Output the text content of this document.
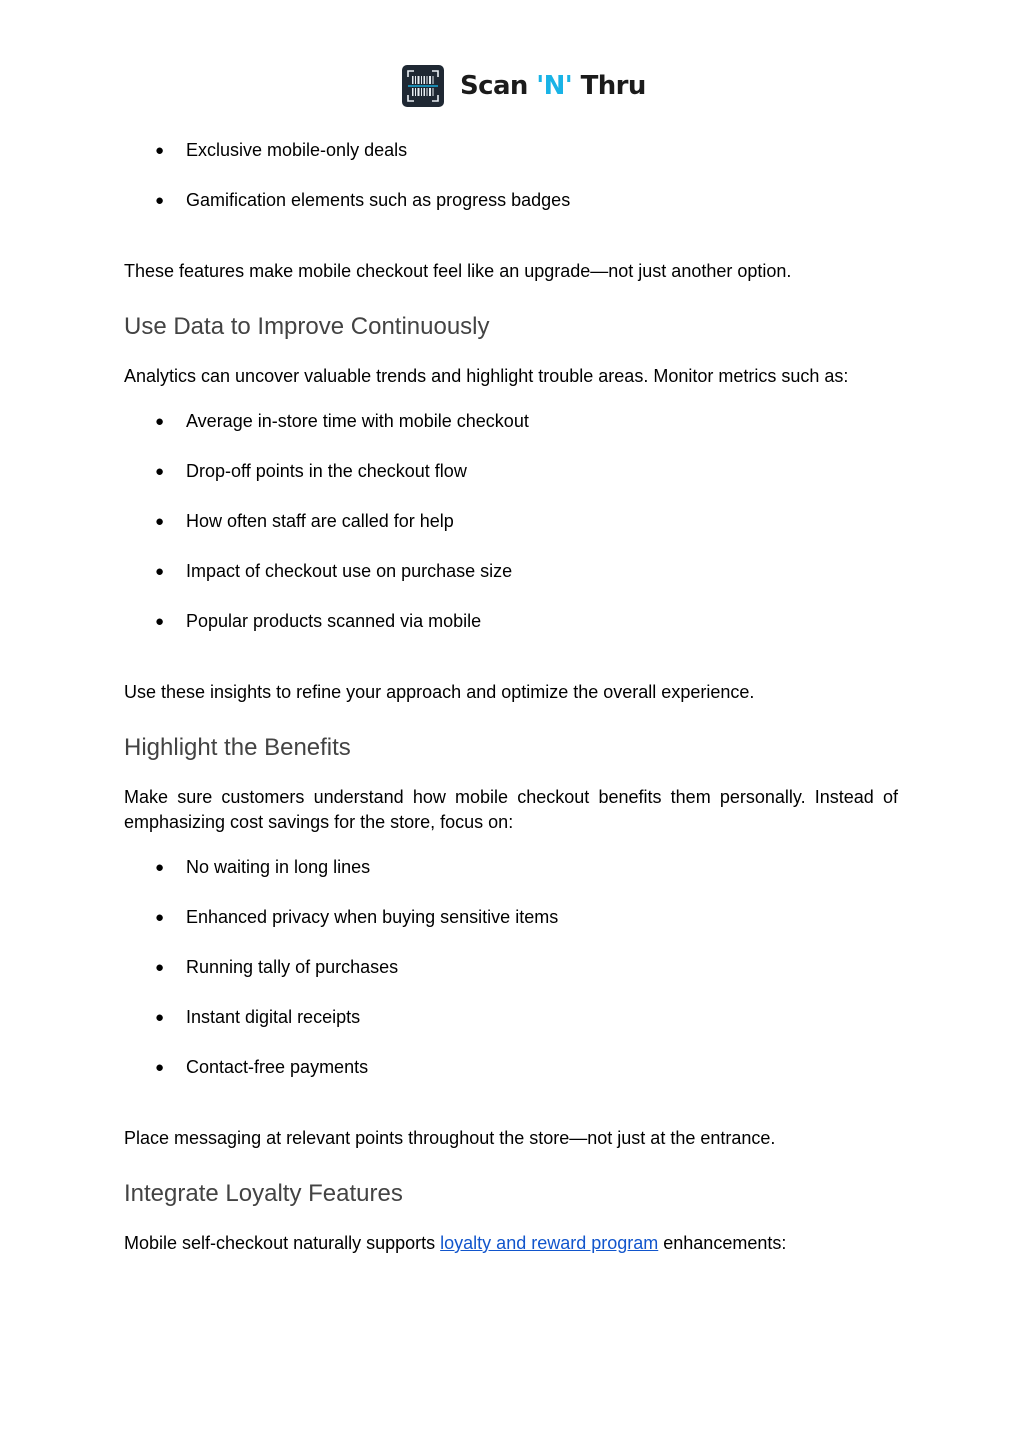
Scan 'N' Thru
●	Exclusive mobile-only deals
●	Gamification elements such as progress badges

These features make mobile checkout feel like an upgrade—not just another option.

Use Data to Improve Continuously

Analytics can uncover valuable trends and highlight trouble areas. Monitor metrics such as:

●	Average in-store time with mobile checkout
●	Drop-off points in the checkout flow
●	How often staff are called for help
●	Impact of checkout use on purchase size
●	Popular products scanned via mobile

Use these insights to refine your approach and optimize the overall experience.

Highlight the Benefits

Make sure customers understand how mobile checkout benefits them personally. Instead of emphasizing cost savings for the store, focus on:

●	No waiting in long lines
●	Enhanced privacy when buying sensitive items
●	Running tally of purchases
●	Instant digital receipts
●	Contact-free payments

Place messaging at relevant points throughout the store—not just at the entrance.

Integrate Loyalty Features

Mobile self-checkout naturally supports loyalty and reward program enhancements:
